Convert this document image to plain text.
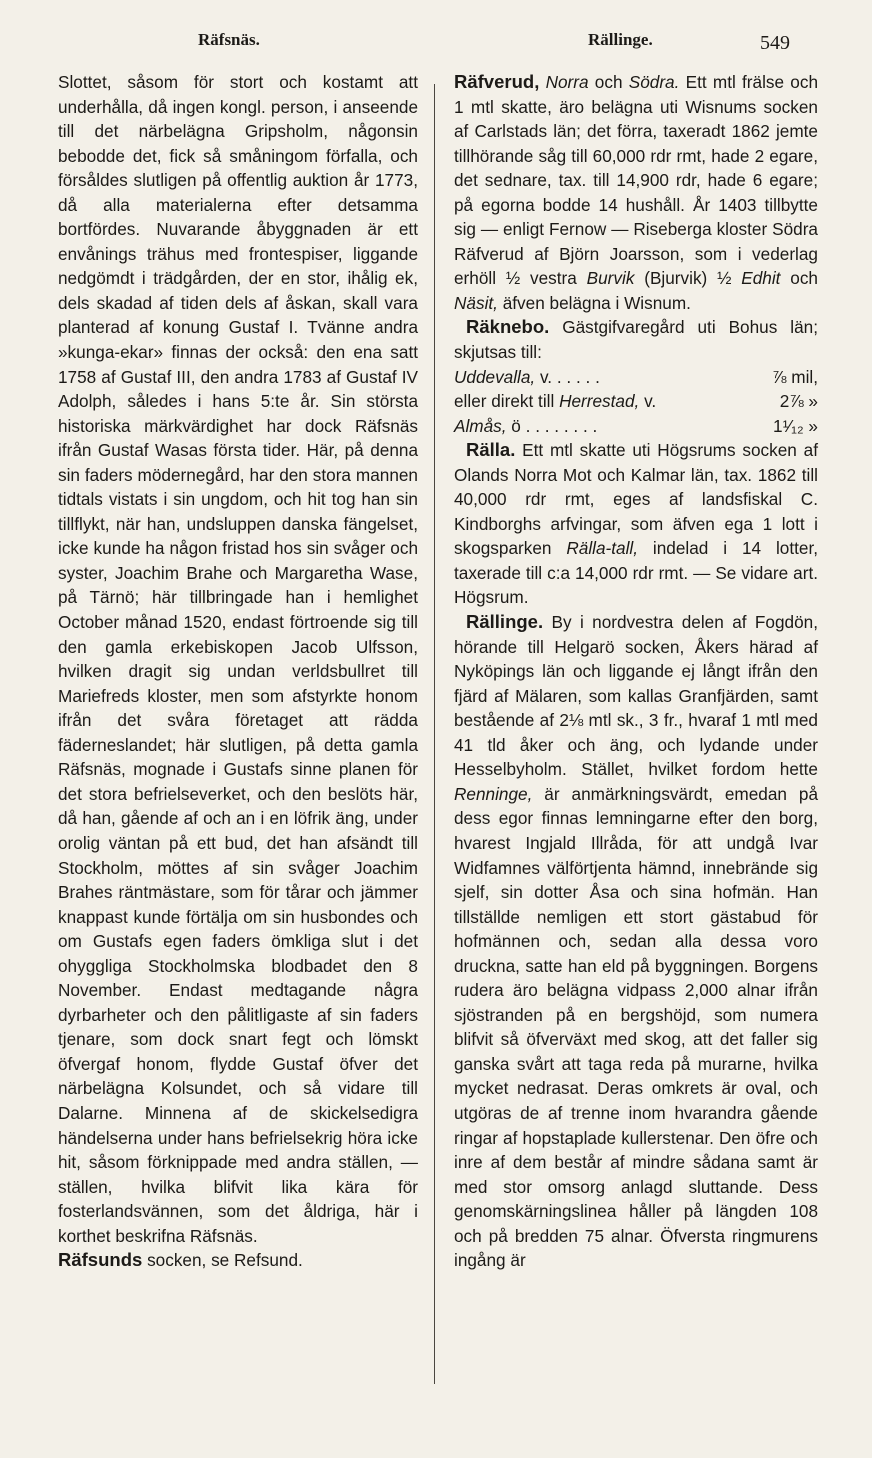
Räfsnäs.	Rällinge.	549

Slottet, såsom för stort och kostamt att underhålla, då ingen kongl. person, i anseende till det närbelägna Gripsholm, någonsin bebodde det, fick så småningom förfalla, och försåldes slutligen på offentlig auktion år 1773, då alla materialerna efter detsamma bortfördes. Nuvarande åbyggnaden är ett envånings trähus med frontespiser, liggande nedgömdt i trädgården, der en stor, ihålig ek, dels skadad af tiden dels af åskan, skall vara planterad af konung Gustaf I. Tvänne andra »kunga-ekar» finnas der också: den ena satt 1758 af Gustaf III, den andra 1783 af Gustaf IV Adolph, således i hans 5:te år. Sin största historiska märkvärdighet har dock Räfsnäs ifrån Gustaf Wasas första tider. Här, på denna sin faders mödernegård, har den stora mannen tidtals vistats i sin ungdom, och hit tog han sin tillflykt, när han, undsluppen danska fängelset, icke kunde ha någon fristad hos sin svåger och syster, Joachim Brahe och Margaretha Wase, på Tärnö; här tillbringade han i hemlighet October månad 1520, endast förtroende sig till den gamla erkebiskopen Jacob Ulfsson, hvilken dragit sig undan verldsbullret till Mariefreds kloster, men som afstyrkte honom ifrån det svåra företaget att rädda fäderneslandet; här slutligen, på detta gamla Räfsnäs, mognade i Gustafs sinne planen för det stora befrielseverket, och den beslöts här, då han, gående af och an i en löfrik äng, under orolig väntan på ett bud, det han afsändt till Stockholm, möttes af sin svåger Joachim Brahes räntmästare, som för tårar och jämmer knappast kunde förtälja om sin husbondes och om Gustafs egen faders ömkliga slut i det ohyggliga Stockholmska blodbadet den 8 November. Endast medtagande några dyrbarheter och den pålitligaste af sin faders tjenare, som dock snart fegt och lömskt öfvergaf honom, flydde Gustaf öfver det närbelägna Kolsundet, och så vidare till Dalarne. Minnena af de skickelsedigra händelserna under hans befrielsekrig höra icke hit, såsom förknippade med andra ställen, — ställen, hvilka blifvit lika kära för fosterlandsvännen, som det åldriga, här i korthet beskrifna Räfsnäs.

Räfsunds socken, se Refsund.

Räfverud, Norra och Södra. Ett mtl frälse och 1 mtl skatte, äro belägna uti Wisnums socken af Carlstads län; det förra, taxeradt 1862 jemte tillhörande såg till 60,000 rdr rmt, hade 2 egare, det sednare, tax. till 14,900 rdr, hade 6 egare; på egorna bodde 14 hushåll. År 1403 tillbytte sig — enligt Fernow — Riseberga kloster Södra Räfverud af Björn Joarsson, som i vederlag erhöll ½ vestra Burvik (Bjurvik) ½ Edhit och Näsit, äfven belägna i Wisnum.

Räknebo. Gästgifvaregård uti Bohus län; skjutsas till:

Uddevalla, v. . . . . .	⅞ mil,
eller direkt till Herrestad, v.	2⅞ »
Almås, ö . . . . . . . .	1¹⁄₁₂ »

Rälla. Ett mtl skatte uti Högsrums socken af Olands Norra Mot och Kalmar län, tax. 1862 till 40,000 rdr rmt, eges af landsfiskal C. Kindborghs arfvingar, som äfven ega 1 lott i skogsparken Rälla-tall, indelad i 14 lotter, taxerade till c:a 14,000 rdr rmt. — Se vidare art. Högsrum.

Rällinge. By i nordvestra delen af Fogdön, hörande till Helgarö socken, Åkers härad af Nyköpings län och liggande ej långt ifrån den fjärd af Mälaren, som kallas Granfjärden, samt bestående af 2⅛ mtl sk., 3 fr., hvaraf 1 mtl med 41 tld åker och äng, och lydande under Hesselbyholm. Stället, hvilket fordom hette Renninge, är anmärkningsvärdt, emedan på dess egor finnas lemningarne efter den borg, hvarest Ingjald Illråda, för att undgå Ivar Widfamnes välförtjenta hämnd, innebrände sig sjelf, sin dotter Åsa och sina hofmän. Han tillställde nemligen ett stort gästabud för hofmännen och, sedan alla dessa voro druckna, satte han eld på byggningen. Borgens rudera äro belägna vidpass 2,000 alnar ifrån sjöstranden på en bergshöjd, som numera blifvit så öfverväxt med skog, att det faller sig ganska svårt att taga reda på murarne, hvilka mycket nedrasat. Deras omkrets är oval, och utgöras de af trenne inom hvarandra gående ringar af hopstaplade kullerstenar. Den öfre och inre af dem består af mindre sådana samt är med stor omsorg anlagd sluttande. Dess genomskärningslinea håller på längden 108 och på bredden 75 alnar. Öfversta ringmurens ingång är
